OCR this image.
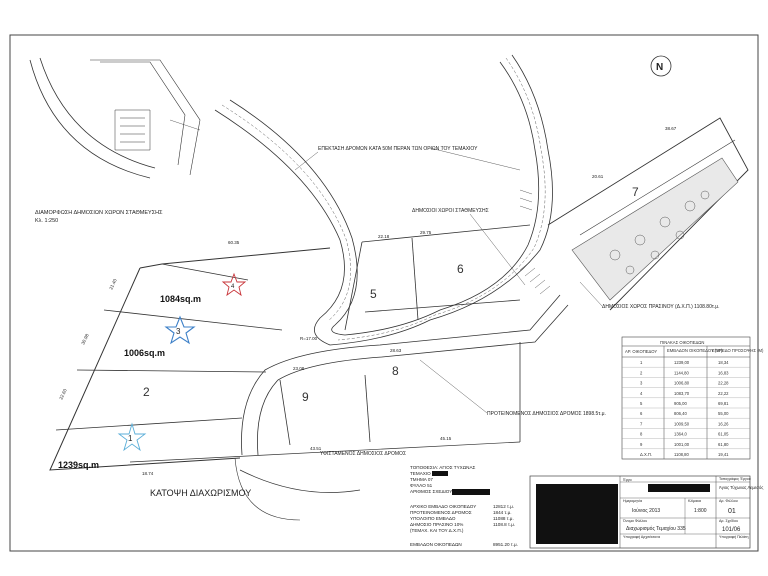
ΔΙΑΜΟΡΦΩΣΗ ΔΗΜΟΣΙΩΝ ΧΩΡΩΝ ΣΤΑΘΜΕΥΣΗΣ
Κλ. 1:250
2
5
6
7
8
9
60.35
22.18
29.75
21.40
30.98
22.60
18.74
43.51
45.15
28.63
23.08
R=17.00
38.67
20.61
ΕΠΕΚΤΑΣΗ ΔΡΟΜΩΝ ΚΑΤΑ 50Μ ΠΕΡΑΝ ΤΩΝ ΟΡΙΩΝ ΤΟΥ ΤΕΜΑΧΙΟΥ
ΔΗΜΟΣΙΟΙ ΧΩΡΟΙ ΣΤΑΘΜΕΥΣΗΣ
ΔΗΜΟΣΙΟΣ ΧΩΡΟΣ ΠΡΑΣΙΝΟΥ (Δ.Χ.Π.) 1108.80τ.μ.
ΠΡΟΤΕΙΝΟΜΕΝΟΣ ΔΗΜΟΣΙΟΣ ΔΡΟΜΟΣ 1898.5τ.μ.
ΥΦΙΣΤΑΜΕΝΟΣ ΔΗΜΟΣΙΟΣ ΔΡΟΜΟΣ
1
1239sq.m
3
1006sq.m
4
1084sq.m
N
ΚΑΤΟΨΗ ΔΙΑΧΩΡΙΣΜΟΥ
ΠΙΝΑΚΑΣ ΟΙΚΟΠΕΔΩΝ
ΑΡ. ΟΙΚΟΠΕΔΟΥ ΕΜΒΑΔΟΝ ΟΙΚΟΠΕΔΟΥ (Μ²)
ΕΠΙΠΕΔΟ ΠΡΟΣΟΨΗΣ (Μ)
1	1239,00	18,34
2	1144,80	16,83
3	1006,80	22,28
4	1083,70	22,22
5	905,00	69,81
6	806,40	55,00
7	1009,50	16,26
8	1364,0	61,05
9	1001,00	61,80
Δ.Χ.Π.	1108,80	19,41
ΤΟΠΟΘΕΣΙΑ: ΑΓΙΟΣ ΤΥΧΩΝΑΣ
ΤΕΜΑΧΙΟ
ΤΜΗΜΑ 07
ΦΥΛΛΟ 51
ΑΡΙΘΜΟΣ ΣΧΕΔΙΟΥ
ΑΡΧΙΚΟ ΕΜΒΑΔΟ ΟΙΚΟΠΕΔΟΥ	12812 τ.μ.
ΠΡΟΤΕΙΝΟΜΕΝΟΣ ΔΡΟΜΟΣ	1844 τ.μ.
ΥΠΟΛΟΙΠΟ ΕΜΒΑΔΟ	11088 τ.μ.
ΔΗΜΟΣΙΟ ΠΡΑΣΙΝΟ 10%	1108.8 τ.μ.
(ΤΕΜΑΧ. ΚΑΙ ΤΟΥ Δ.Χ.Π.)
ΕΜΒΑΔΟΝ ΟΙΚΟΠΕΔΩΝ	8951.20 τ.μ.
Έργο	Τοπογράφος Έργου
Άγιος Τύχωνας Λεμεσός
Ημερομηνία
Ιούνιος 2013
Κλίμακα
1:800
Αρ. Φύλλου
01
Όνομα Φύλλου
Διαχωρισμός Τεμαχίου 335
Αρ. Σχεδίου
101/06
Υπογραφή Αρχιτέκτονα	Υπογραφή Πελάτη
